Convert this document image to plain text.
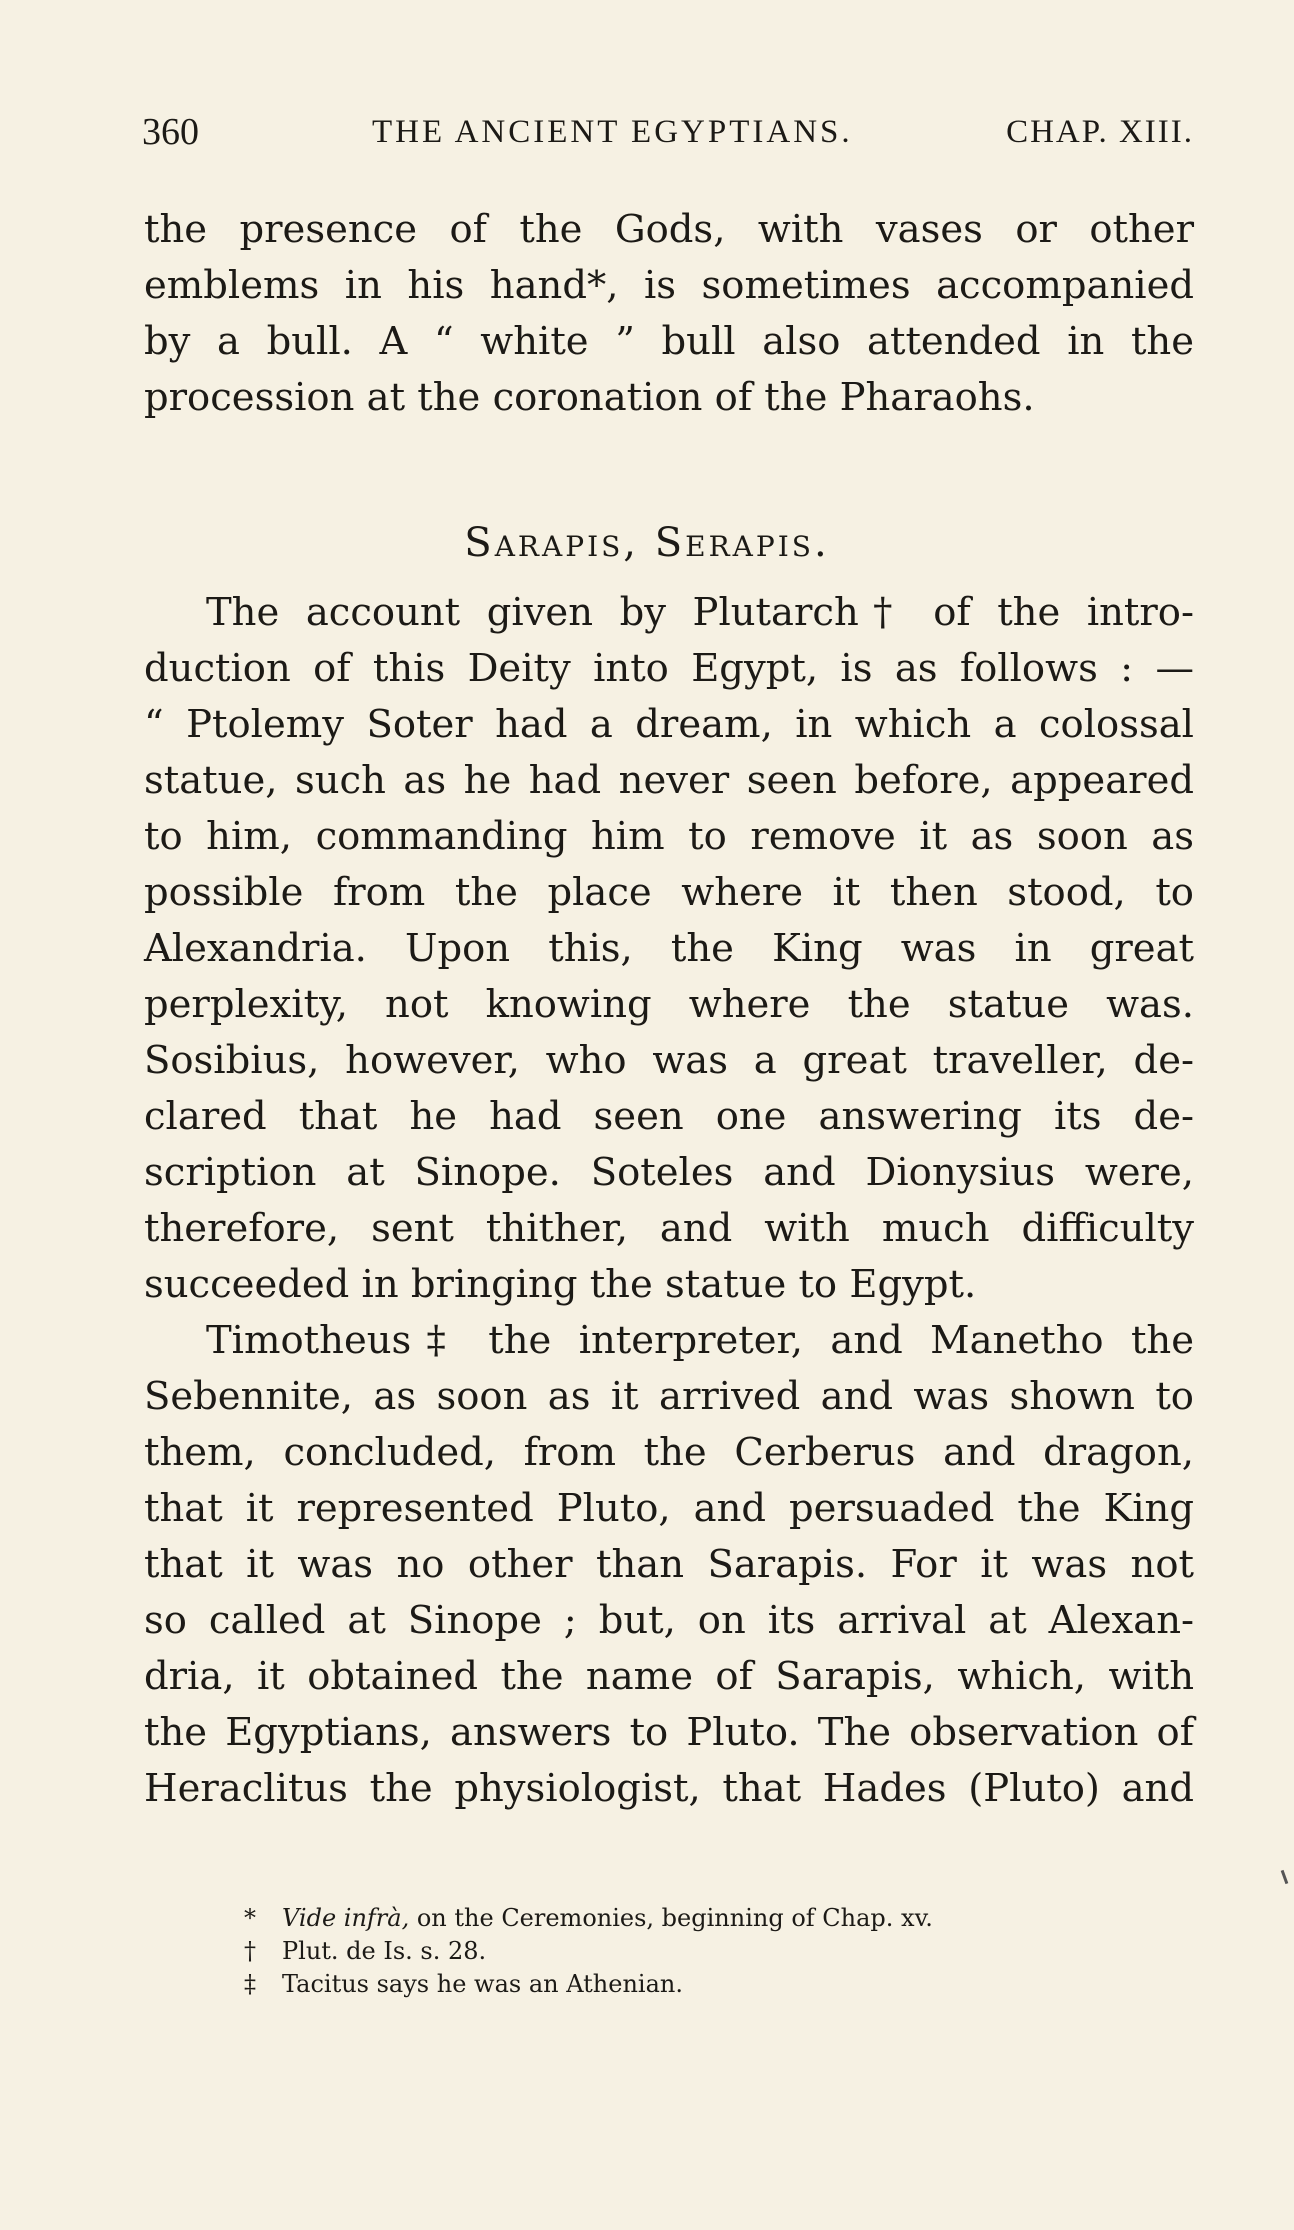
360	THE ANCIENT EGYPTIANS.	CHAP. XIII.
the presence of the Gods, with vases or other
emblems in his hand*, is sometimes accompanied
by a bull. A “ white ” bull also attended in the
procession at the coronation of the Pharaohs.
Sarapis, Serapis.
The account given by Plutarch† of the intro-
duction of this Deity into Egypt, is as follows : —
“ Ptolemy Soter had a dream, in which a colossal
statue, such as he had never seen before, appeared
to him, commanding him to remove it as soon as
possible from the place where it then stood, to
Alexandria. Upon this, the King was in great
perplexity, not knowing where the statue was.
Sosibius, however, who was a great traveller, de-
clared that he had seen one answering its de-
scription at Sinope. Soteles and Dionysius were,
therefore, sent thither, and with much difficulty
succeeded in bringing the statue to Egypt.
Timotheus‡ the interpreter, and Manetho the
Sebennite, as soon as it arrived and was shown to
them, concluded, from the Cerberus and dragon,
that it represented Pluto, and persuaded the King
that it was no other than Sarapis. For it was not
so called at Sinope ; but, on its arrival at Alexan-
dria, it obtained the name of Sarapis, which, with
the Egyptians, answers to Pluto. The observation of
Heraclitus the physiologist, that Hades (Pluto) and
* Vide infrà, on the Ceremonies, beginning of Chap. xv.
† Plut. de Is. s. 28.
‡ Tacitus says he was an Athenian.
